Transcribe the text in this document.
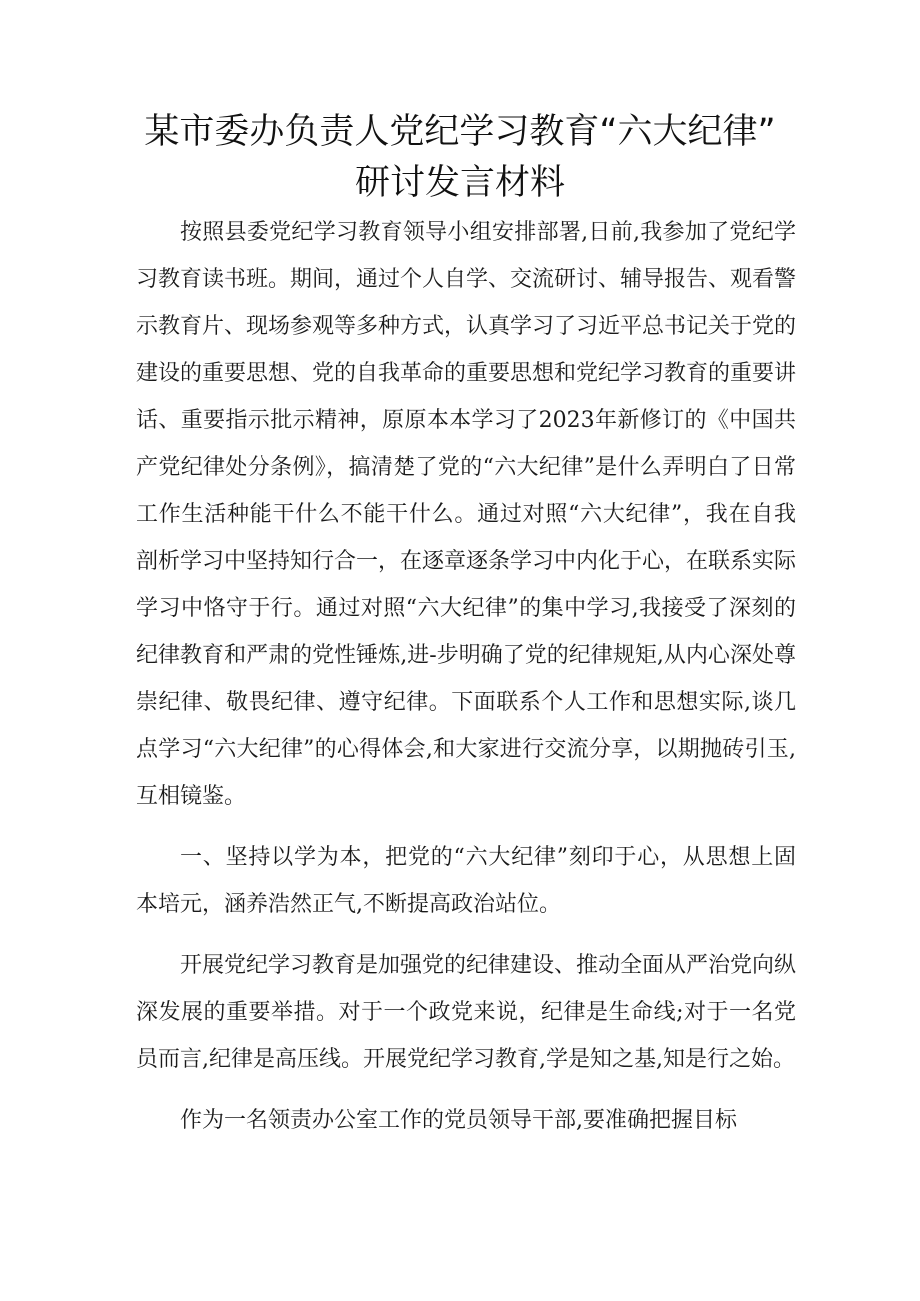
某市委办负责人党纪学习教育“六大纪律”
研讨发言材料

按照县委党纪学习教育领导小组安排部署,日前,我参加了党纪学习教育读书班。期间，通过个人自学、交流研讨、辅导报告、观看警示教育片、现场参观等多种方式，认真学习了习近平总书记关于党的建设的重要思想、党的自我革命的重要思想和党纪学习教育的重要讲话、重要指示批示精神，原原本本学习了2023年新修订的《中国共产党纪律处分条例》，搞清楚了党的“六大纪律”是什么弄明白了日常工作生活种能干什么不能干什么。通过对照“六大纪律”，我在自我剖析学习中坚持知行合一，在逐章逐条学习中内化于心，在联系实际学习中恪守于行。通过对照“六大纪律”的集中学习,我接受了深刻的纪律教育和严肃的党性锤炼,进-步明确了党的纪律规矩,从内心深处尊崇纪律、敬畏纪律、遵守纪律。下面联系个人工作和思想实际,谈几点学习“六大纪律”的心得体会,和大家进行交流分享，以期抛砖引玉,互相镜鉴。

一、坚持以学为本，把党的“六大纪律”刻印于心，从思想上固本培元，涵养浩然正气,不断提高政治站位。

开展党纪学习教育是加强党的纪律建设、推动全面从严治党向纵深发展的重要举措。对于一个政党来说，纪律是生命线;对于一名党员而言,纪律是高压线。开展党纪学习教育,学是知之基,知是行之始。

作为一名领责办公室工作的党员领导干部,要准确把握目标
